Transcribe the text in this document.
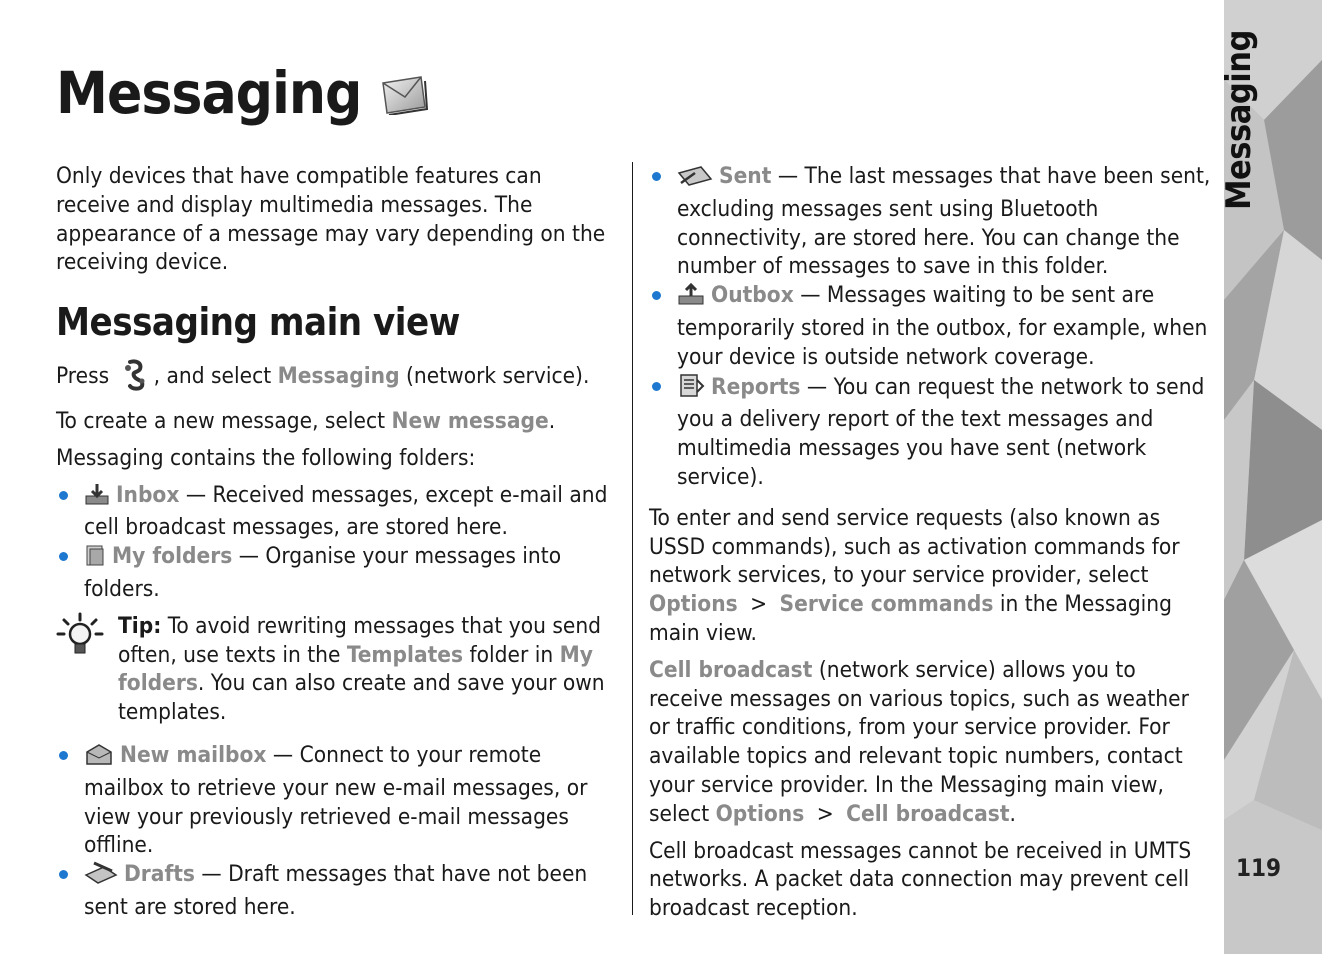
Messaging

Only devices that have compatible features can receive and display multimedia messages. The appearance of a message may vary depending on the receiving device.

Messaging main view

Press , and select Messaging (network service).

To create a new message, select New message.

Messaging contains the following folders:

Inbox — Received messages, except e-mail and cell broadcast messages, are stored here.
My folders — Organise your messages into folders.
Tip: To avoid rewriting messages that you send often, use texts in the Templates folder in My folders. You can also create and save your own templates.
New mailbox — Connect to your remote mailbox to retrieve your new e-mail messages, or view your previously retrieved e-mail messages offline.
Drafts — Draft messages that have not been sent are stored here.
Sent — The last messages that have been sent, excluding messages sent using Bluetooth connectivity, are stored here. You can change the number of messages to save in this folder.
Outbox — Messages waiting to be sent are temporarily stored in the outbox, for example, when your device is outside network coverage.
Reports — You can request the network to send you a delivery report of the text messages and multimedia messages you have sent (network service).

To enter and send service requests (also known as USSD commands), such as activation commands for network services, to your service provider, select Options > Service commands in the Messaging main view.

Cell broadcast (network service) allows you to receive messages on various topics, such as weather or traffic conditions, from your service provider. For available topics and relevant topic numbers, contact your service provider. In the Messaging main view, select Options > Cell broadcast.

Cell broadcast messages cannot be received in UMTS networks. A packet data connection may prevent cell broadcast reception.

Messaging
119
